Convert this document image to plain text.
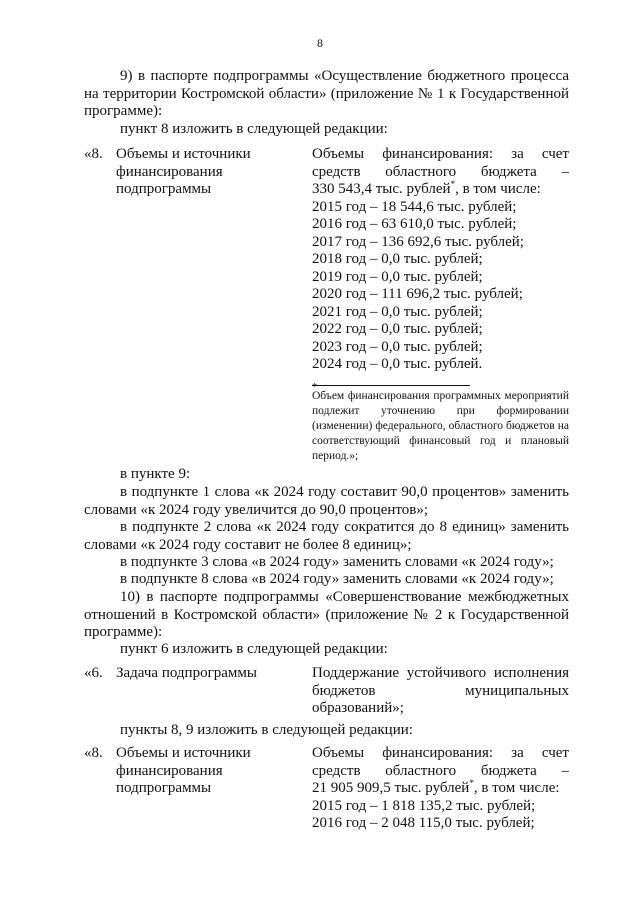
8
9) в паспорте подпрограммы «Осуществление бюджетного процесса на территории Костромской области» (приложение № 1 к Государственной программе):
пункт 8 изложить в следующей редакции:
«8. Объемы и источники
финансирования
подпрограммы
Объемы финансирования: за счет
средств областного бюджета –
330 543,4 тыс. рублей*, в том числе:
2015 год – 18 544,6 тыс. рублей;
2016 год – 63 610,0 тыс. рублей;
2017 год – 136 692,6 тыс. рублей;
2018 год – 0,0 тыс. рублей;
2019 год – 0,0 тыс. рублей;
2020 год – 111 696,2 тыс. рублей;
2021 год – 0,0 тыс. рублей;
2022 год – 0,0 тыс. рублей;
2023 год – 0,0 тыс. рублей;
2024 год – 0,0 тыс. рублей.
*
Объем финансирования программных мероприятий подлежит уточнению при формировании (изменении) федерального, областного бюджетов на соответствующий финансовый год и плановый период.»;
в пункте 9:
в подпункте 1 слова «к 2024 году составит 90,0 процентов» заменить словами «к 2024 году увеличится до 90,0 процентов»;
в подпункте 2 слова «к 2024 году сократится до 8 единиц» заменить словами «к 2024 году составит не более 8 единиц»;
в подпункте 3 слова «в 2024 году» заменить словами «к 2024 году»;
в подпункте 8 слова «в 2024 году» заменить словами «к 2024 году»;
10) в паспорте подпрограммы «Совершенствование межбюджетных отношений в Костромской области» (приложение № 2 к Государственной программе):
пункт 6 изложить в следующей редакции:
«6. Задача подпрограммы	Поддержание устойчивого исполнения
бюджетов муниципальных
образований»;
пункты 8, 9 изложить в следующей редакции:
«8. Объемы и источники
финансирования
подпрограммы
Объемы финансирования: за счет
средств областного бюджета –
21 905 909,5 тыс. рублей*, в том числе:
2015 год – 1 818 135,2 тыс. рублей;
2016 год – 2 048 115,0 тыс. рублей;
